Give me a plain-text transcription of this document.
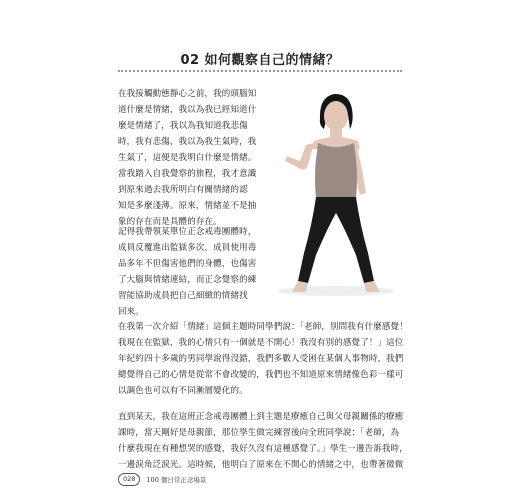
02 如何觀察自己的情緒？
在我接觸動態靜心之前，我的頭腦知
道什麼是情緒，我以為我已經知道什
麼是情緒了，我以為我知道我悲傷
時，我有悲傷，我以為我生氣時，我
生氣了，這便是我明白什麼是情緒。
當我踏入自我覺察的旅程，我才意識
到原來過去我所明白有關情緒的認
知是多麼淺薄。原來，情緒並不是抽
象的存在而是具體的存在。
記得我帶領某單位正念戒毒團體時，
成員反覆進出監獄多次，成員使用毒
品多年不但傷害他們的身體，也傷害
了大腦與情緒連結，而正念覺察的練
習能協助成員把自己細緻的情緒找
回來。
在我第一次介紹「情緒」這個主題時同學們說：「老師，別問我有什麼感覺！
我現在在監獄，我的心情只有一個就是不開心！我沒有別的感覺了！」這位
年紀約四十多歲的男同學說得沒錯，我們多數人受困在某個人事物時，我們
總覺得自己的心情是從常不會改變的，我們也不知道原來情緒像色彩一樣可
以調色也可以有不同漸層變化的。
直到某天，我在這班正念戒毒團體上到主題是療癒自己與父母親關係的療癒
課時，當天剛好是母親節，那位學生做完練習後向全班同學說：「老師，為
什麼我現在有種想哭的感覺，我好久沒有這種感覺了。」學生一邊告訴我時，
一邊淚角泛淚光。這時候，他明白了原來在不開心的情緒之中，也帶著微微
028	100 個日常正念場景
